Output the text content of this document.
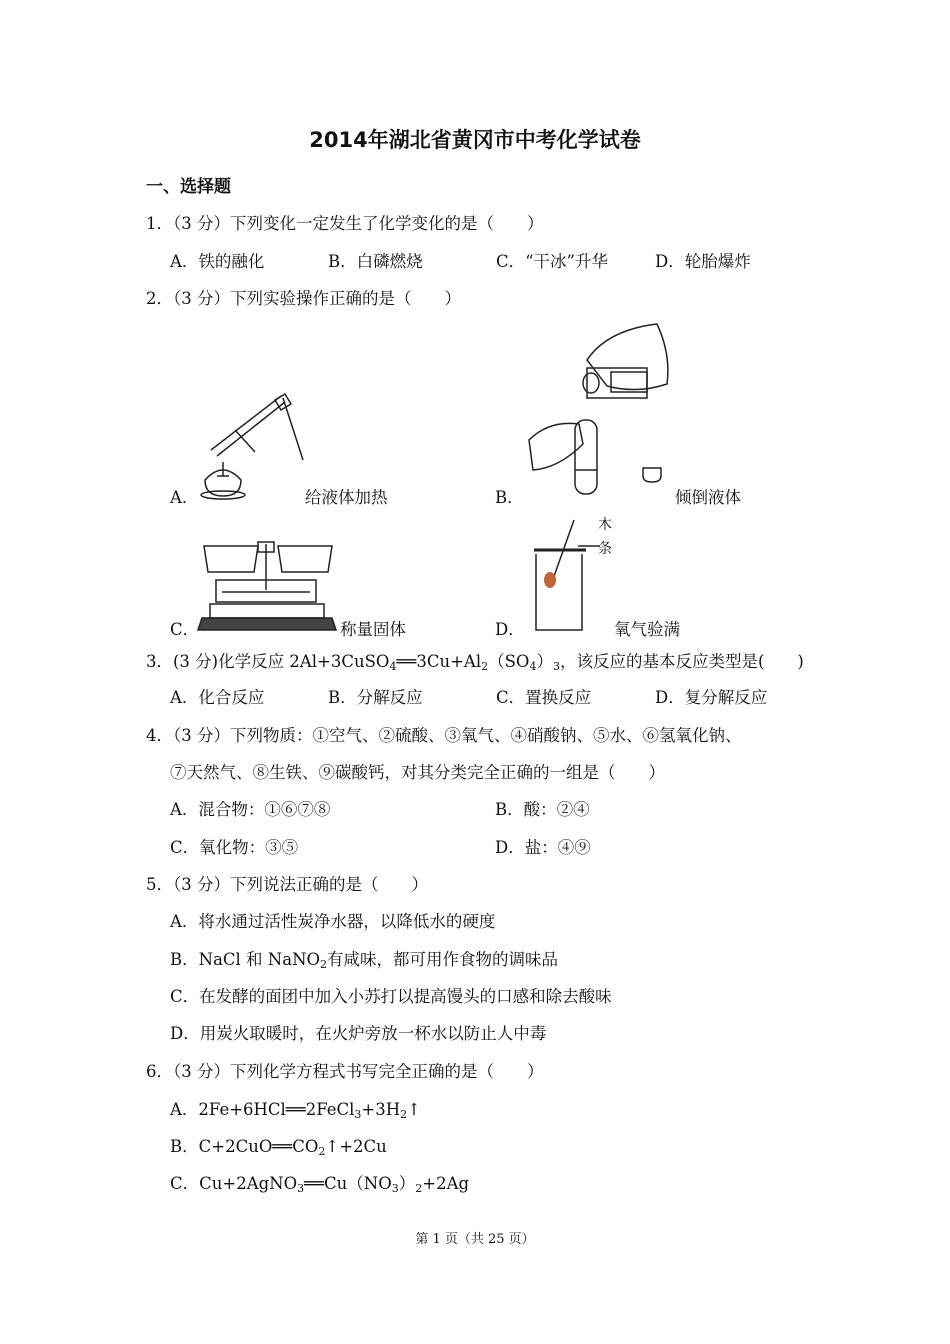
2014年湖北省黄冈市中考化学试卷
一、选择题
1．（3 分）下列变化一定发生了化学变化的是（　　）
A．铁的融化	B．白磷燃烧	C．“干冰”升华	D．轮胎爆炸
2．（3 分）下列实验操作正确的是（　　）
A．	给液体加热	B．	倾倒液体
C．	称量固体
木
条
D．	氧气验满
3．(3 分)化学反应 $2Al+3CuSO_4══3Cu+Al_2(SO_4)_3$，该反应的基本反应类型是(　　)
A．化合反应	B．分解反应	C．置换反应	D．复分解反应
4．（3 分）下列物质：①空气、②硫酸、③氧气、④硝酸钠、⑤水、⑥氢氧化钠、
⑦天然气、⑧生铁、⑨碳酸钙，对其分类完全正确的一组是（　　）
A．混合物：①⑥⑦⑧	B．酸：②④
C．氧化物：③⑤	D．盐：④⑨
5．（3 分）下列说法正确的是（　　）
A．将水通过活性炭净水器，以降低水的硬度
B．NaCl 和 NaNO$_2$有咸味，都可用作食物的调味品
C．在发酵的面团中加入小苏打以提高馒头的口感和除去酸味
D．用炭火取暖时，在火炉旁放一杯水以防止人中毒
6．（3 分）下列化学方程式书写完全正确的是（　　）
A．$2Fe+6HCl══2FeCl_3+3H_2↑$
B．$C+2CuO══CO_2↑+2Cu$
C．$Cu+2AgNO_3══Cu(NO_3)_2+2Ag$
第 1 页（共 25 页）
